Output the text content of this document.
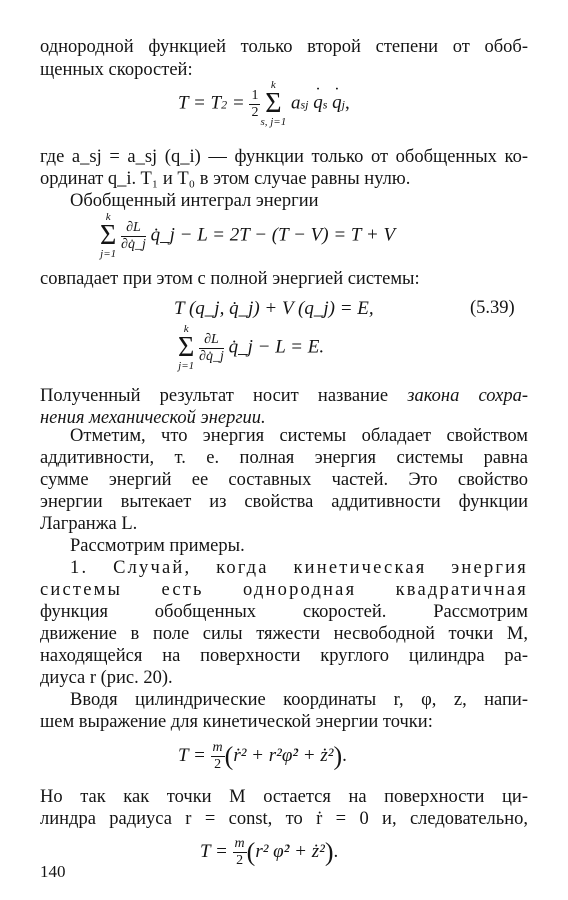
однородной функцией только второй степени от обоб-
щенных скоростей:
$T = T2 = \frac{1}{2}$
k
Σ
s, j=1
asj q ·s q ·j,
где a_sj = a_sj (q_i) — функции только от обобщенных ко-
ординат q_i. T₁ и T₀ в этом случае равны нулю.
Обобщенный интеграл энергии
k
Σ
j=1

$\frac{\partial L}{\partial q̇\_j}$ q̇_j − L = 2T − (T − V) = T + V
совпадает при этом с полной энергией системы:
T (q_j, q̇_j) + V (q_j) = E,	(5.39)
k
Σ
j=1

$\frac{\partial L}{\partial q̇\_j}$ q̇_j − L = E.
Полученный результат носит название закона сохра-
нения механической энергии.
Отметим, что энергия системы обладает свойством
аддитивности, т. е. полная энергия системы равна
сумме энергий ее составных частей. Это свойство
энергии вытекает из свойства аддитивности функции
Лагранжа L.
Рассмотрим примеры.
1. Случай, когда кинетическая энергия
системы есть однородная квадратичная
функция обобщенных скоростей. Рассмотрим
движение в поле силы тяжести несвободной точки M,
находящейся на поверхности круглого цилиндра ра-
диуса r (рис. 20).
Вводя цилиндрические координаты r, φ, z, напи-
шем выражение для кинетической энергии точки:
$T = \frac{m}{2}$ (ṙ² + r²φ̇² + ż²).
Но так как точки M остается на поверхности ци-
линдра радиуса r = const, то ṙ = 0 и, следовательно,
$T = \frac{m}{2} (r^2$ φ̇² + ż²).
140
